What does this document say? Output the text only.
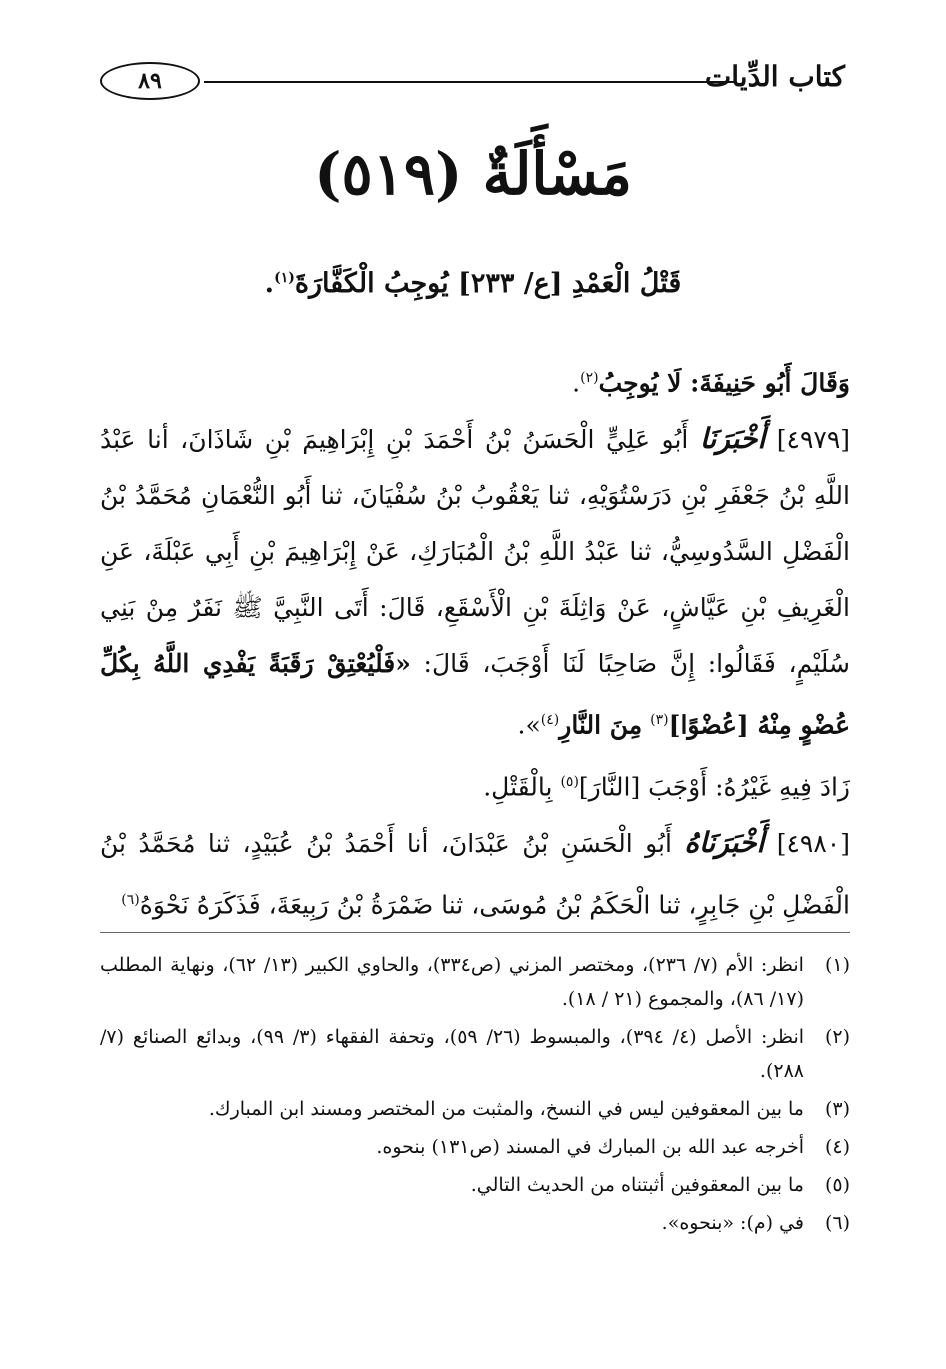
٨٩	كتاب الدِّيات
مَسْأَلَةٌ (٥١٩)
قَتْلُ الْعَمْدِ [ع/ ٢٣٣] يُوجِبُ الْكَفَّارَةَ$^{(١)}$.

وَقَالَ أَبُو حَنِيفَةَ: لَا يُوجِبُ$^{(٢)}$.

[٤٩٧٩] أَخْبَرَنَا أَبُو عَلِيٍّ الْحَسَنُ بْنُ أَحْمَدَ بْنِ إِبْرَاهِيمَ بْنِ شَاذَانَ، أنا عَبْدُ اللَّهِ بْنُ جَعْفَرِ بْنِ دَرَسْتُوَيْهِ، ثنا يَعْقُوبُ بْنُ سُفْيَانَ، ثنا أَبُو النُّعْمَانِ مُحَمَّدُ بْنُ الْفَضْلِ السَّدُوسِيُّ، ثنا عَبْدُ اللَّهِ بْنُ الْمُبَارَكِ، عَنْ إِبْرَاهِيمَ بْنِ أَبِي عَبْلَةَ، عَنِ الْغَرِيفِ بْنِ عَيَّاشٍ، عَنْ وَاثِلَةَ بْنِ الْأَسْقَعِ، قَالَ: أَتَى النَّبِيَّ ﷺ نَفَرٌ مِنْ بَنِي سُلَيْمٍ، فَقَالُوا: إِنَّ صَاحِبًا لَنَا أَوْجَبَ، قَالَ: «فَلْيُعْتِقْ رَقَبَةً يَفْدِي اللَّهُ بِكُلِّ عُضْوٍ مِنْهُ [عُضْوًا]$^{(٣)}$ مِنَ النَّارِ$^{(٤)}$».

زَادَ فِيهِ غَيْرُهُ: أَوْجَبَ [النَّارَ]$^{(٥)}$ بِالْقَتْلِ.

[٤٩٨٠] أَخْبَرَنَاهُ أَبُو الْحَسَنِ بْنُ عَبْدَانَ، أنا أَحْمَدُ بْنُ عُبَيْدٍ، ثنا مُحَمَّدُ بْنُ الْفَضْلِ بْنِ جَابِرٍ، ثنا الْحَكَمُ بْنُ مُوسَى، ثنا ضَمْرَةُ بْنُ رَبِيعَةَ، فَذَكَرَهُ نَحْوَهُ$^{(٦)}$

(١)
انظر: الأم (٧/ ٢٣٦)، ومختصر المزني (ص٣٣٤)، والحاوي الكبير (١٣/ ٦٢)، ونهاية المطلب (١٧/ ٨٦)، والمجموع (٢١ / ١٨).
(٢)
انظر: الأصل (٤/ ٣٩٤)، والمبسوط (٢٦/ ٥٩)، وتحفة الفقهاء (٣/ ٩٩)، وبدائع الصنائع (٧/ ٢٨٨).
(٣)
ما بين المعقوفين ليس في النسخ، والمثبت من المختصر ومسند ابن المبارك.
(٤)
أخرجه عبد الله بن المبارك في المسند (ص١٣١) بنحوه.
(٥)
ما بين المعقوفين أثبتناه من الحديث التالي.
(٦)
في (م): «بنحوه».
